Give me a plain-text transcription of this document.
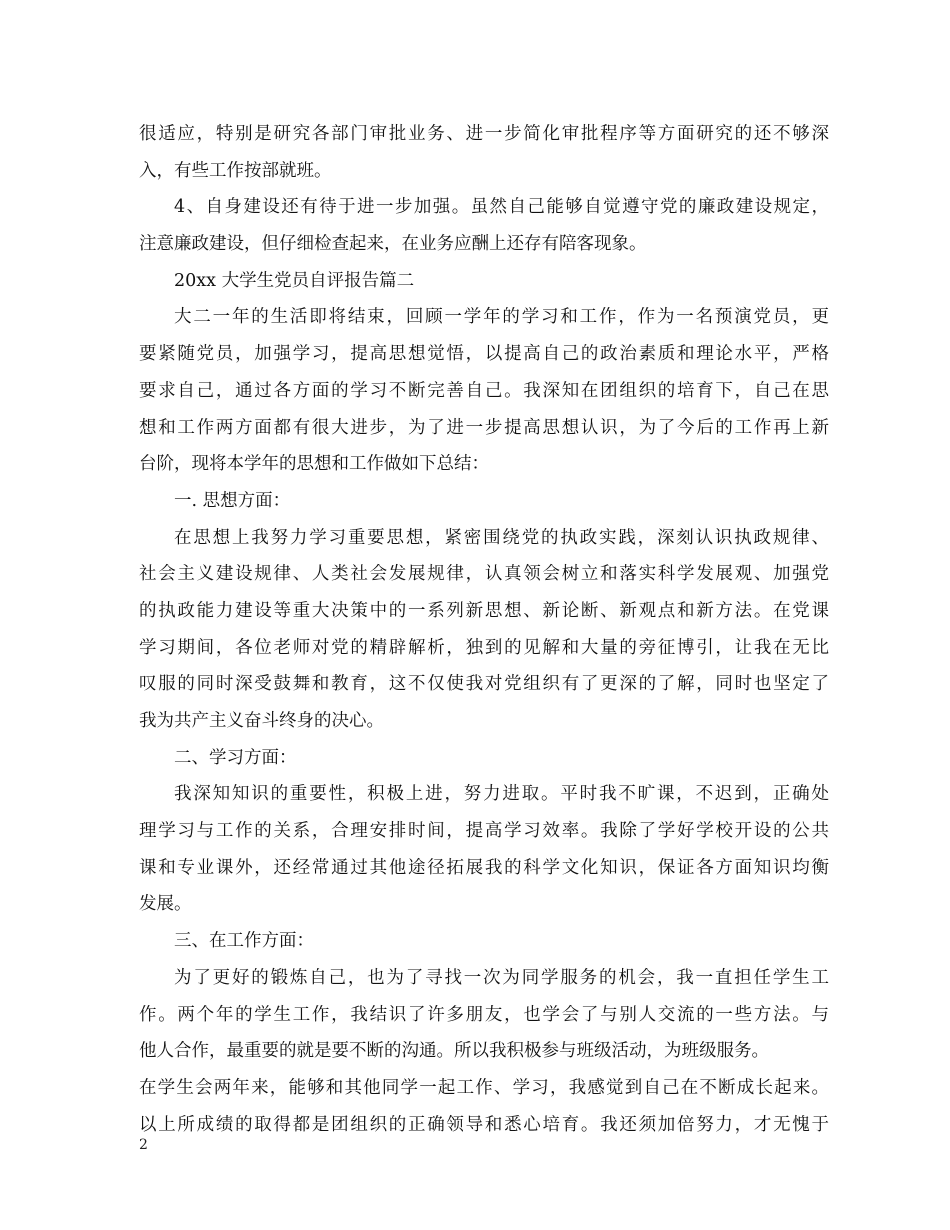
很适应，特别是研究各部门审批业务、进一步简化审批程序等方面研究的还不够深
入，有些工作按部就班。
4、自身建设还有待于进一步加强。虽然自己能够自觉遵守党的廉政建设规定，
注意廉政建设，但仔细检查起来，在业务应酬上还存有陪客现象。
20xx 大学生党员自评报告篇二
大二一年的生活即将结束，回顾一学年的学习和工作，作为一名预演党员，更
要紧随党员，加强学习，提高思想觉悟，以提高自己的政治素质和理论水平，严格
要求自己，通过各方面的学习不断完善自己。我深知在团组织的培育下，自己在思
想和工作两方面都有很大进步，为了进一步提高思想认识，为了今后的工作再上新
台阶，现将本学年的思想和工作做如下总结：
一. 思想方面：
在思想上我努力学习重要思想，紧密围绕党的执政实践，深刻认识执政规律、
社会主义建设规律、人类社会发展规律，认真领会树立和落实科学发展观、加强党
的执政能力建设等重大决策中的一系列新思想、新论断、新观点和新方法。在党课
学习期间，各位老师对党的精辟解析，独到的见解和大量的旁征博引，让我在无比
叹服的同时深受鼓舞和教育，这不仅使我对党组织有了更深的了解，同时也坚定了
我为共产主义奋斗终身的决心。
二、学习方面：
我深知知识的重要性，积极上进，努力进取。平时我不旷课，不迟到，正确处
理学习与工作的关系，合理安排时间，提高学习效率。我除了学好学校开设的公共
课和专业课外，还经常通过其他途径拓展我的科学文化知识，保证各方面知识均衡
发展。
三、在工作方面：
为了更好的锻炼自己，也为了寻找一次为同学服务的机会，我一直担任学生工
作。两个年的学生工作，我结识了许多朋友，也学会了与别人交流的一些方法。与
他人合作，最重要的就是要不断的沟通。所以我积极参与班级活动，为班级服务。
在学生会两年来，能够和其他同学一起工作、学习，我感觉到自己在不断成长起来。
以上所成绩的取得都是团组织的正确领导和悉心培育。我还须加倍努力，才无愧于
2
